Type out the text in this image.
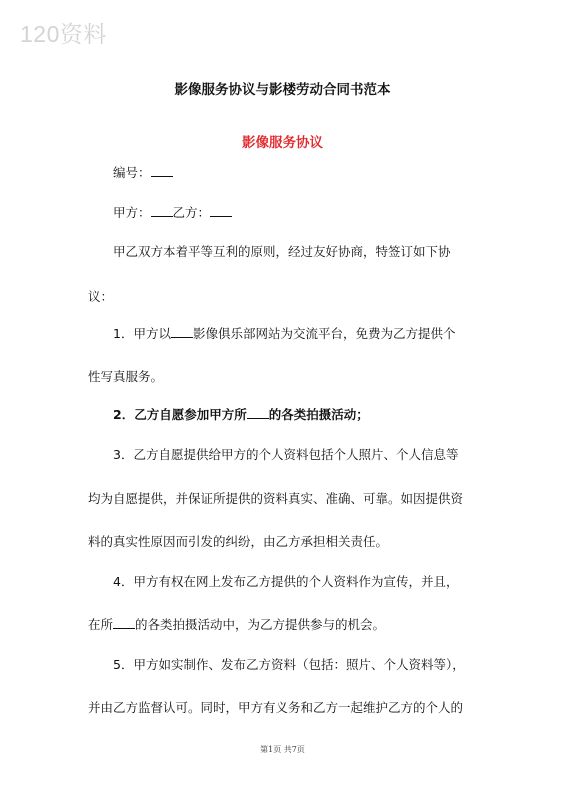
120资料
影像服务协议与影楼劳动合同书范本
影像服务协议
编号：
甲方： 乙方：
甲乙双方本着平等互利的原则，经过友好协商，特签订如下协
议：
1．甲方以 影像俱乐部网站为交流平台，免费为乙方提供个
性写真服务。
2．乙方自愿参加甲方所 的各类拍摄活动；
3．乙方自愿提供给甲方的个人资料包括个人照片、个人信息等
均为自愿提供，并保证所提供的资料真实、准确、可靠。如因提供资
料的真实性原因而引发的纠纷，由乙方承担相关责任。
4．甲方有权在网上发布乙方提供的个人资料作为宣传，并且，
在所 的各类拍摄活动中，为乙方提供参与的机会。
5．甲方如实制作、发布乙方资料（包括：照片、个人资料等），
并由乙方监督认可。同时，甲方有义务和乙方一起维护乙方的个人的
第1页 共7页
